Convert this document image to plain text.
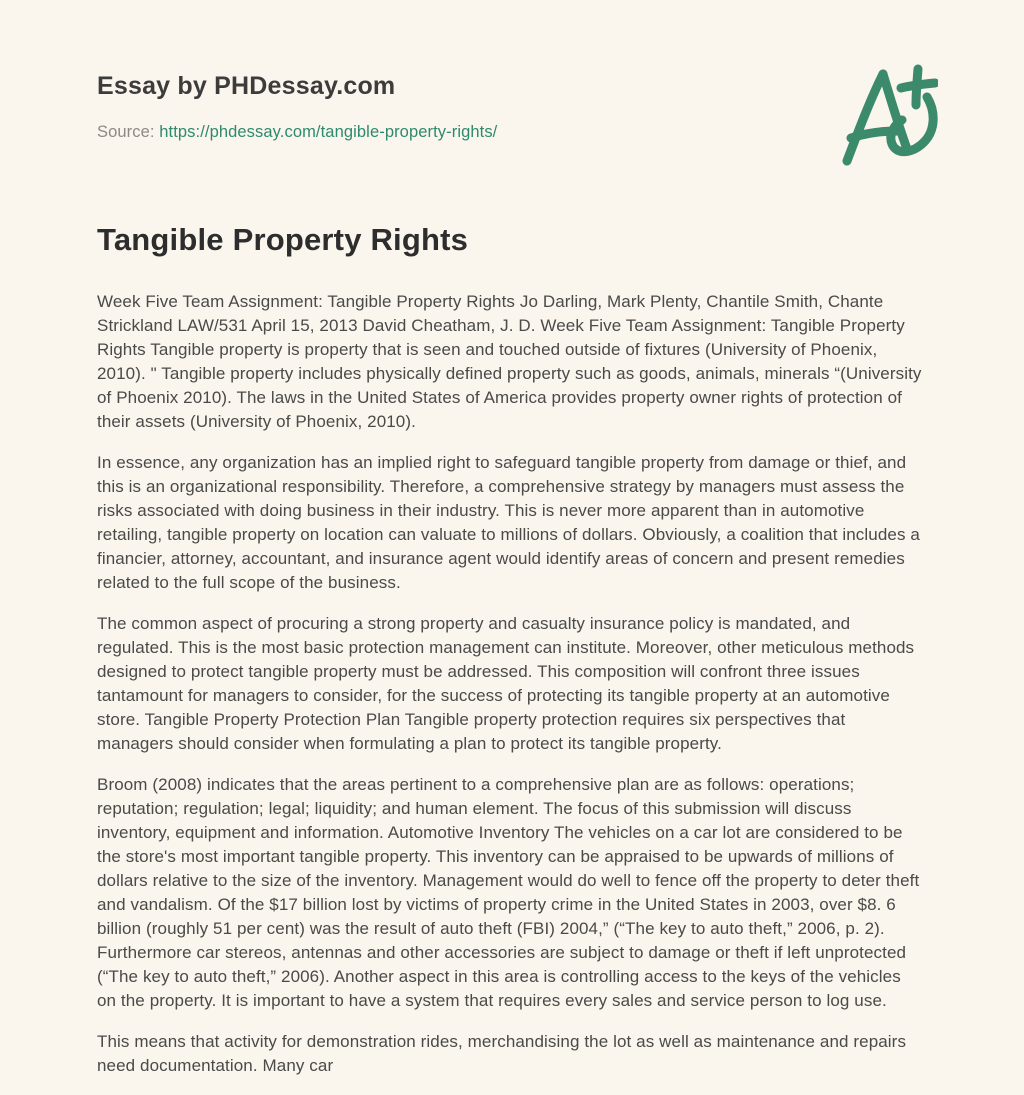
Essay by PHDessay.com
Source: https://phdessay.com/tangible-property-rights/
Tangible Property Rights

Week Five Team Assignment: Tangible Property Rights Jo Darling, Mark Plenty, Chantile Smith, Chante Strickland LAW/531 April 15, 2013 David Cheatham, J. D. Week Five Team Assignment: Tangible Property Rights Tangible property is property that is seen and touched outside of fixtures (University of Phoenix, 2010). " Tangible property includes physically defined property such as goods, animals, minerals “(University of Phoenix 2010). The laws in the United States of America provides property owner rights of protection of their assets (University of Phoenix, 2010).

In essence, any organization has an implied right to safeguard tangible property from damage or thief, and this is an organizational responsibility. Therefore, a comprehensive strategy by managers must assess the risks associated with doing business in their industry. This is never more apparent than in automotive retailing, tangible property on location can valuate to millions of dollars. Obviously, a coalition that includes a financier, attorney, accountant, and insurance agent would identify areas of concern and present remedies related to the full scope of the business.

The common aspect of procuring a strong property and casualty insurance policy is mandated, and regulated. This is the most basic protection management can institute. Moreover, other meticulous methods designed to protect tangible property must be addressed. This composition will confront three issues tantamount for managers to consider, for the success of protecting its tangible property at an automotive store. Tangible Property Protection Plan Tangible property protection requires six perspectives that managers should consider when formulating a plan to protect its tangible property.

Broom (2008) indicates that the areas pertinent to a comprehensive plan are as follows: operations; reputation; regulation; legal; liquidity; and human element. The focus of this submission will discuss inventory, equipment and information. Automotive Inventory The vehicles on a car lot are considered to be the store's most important tangible property. This inventory can be appraised to be upwards of millions of dollars relative to the size of the inventory. Management would do well to fence off the property to deter theft and vandalism. Of the $17 billion lost by victims of property crime in the United States in 2003, over $8. 6 billion (roughly 51 per cent) was the result of auto theft (FBI) 2004,” (“The key to auto theft,” 2006, p. 2). Furthermore car stereos, antennas and other accessories are subject to damage or theft if left unprotected (“The key to auto theft,” 2006). Another aspect in this area is controlling access to the keys of the vehicles on the property. It is important to have a system that requires every sales and service person to log use.

This means that activity for demonstration rides, merchandising the lot as well as maintenance and repairs need documentation. Many car
